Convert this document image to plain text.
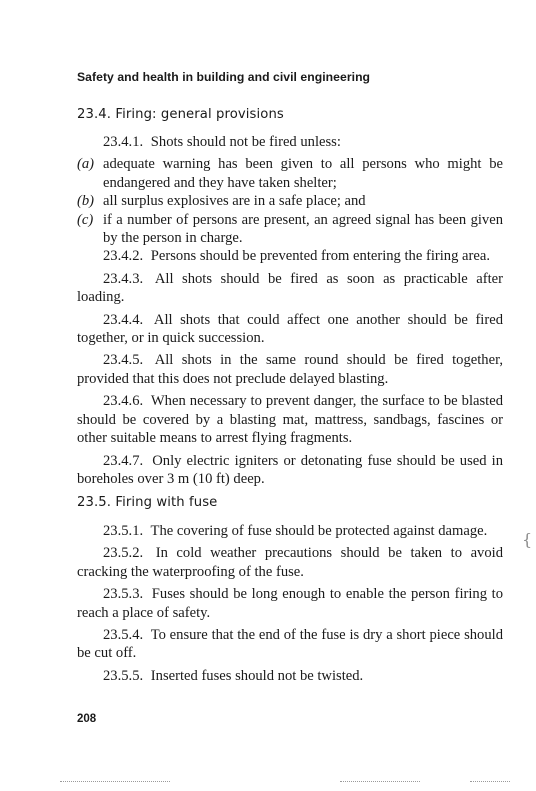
Safety and health in building and civil engineering
23.4. Firing: general provisions

23.4.1. Shots should not be fired unless:

(a) adequate warning has been given to all persons who might be endangered and they have taken shelter;
(b) all surplus explosives are in a safe place; and
(c) if a number of persons are present, an agreed signal has been given by the person in charge.

23.4.2. Persons should be prevented from entering the firing area.

23.4.3. All shots should be fired as soon as practicable after loading.

23.4.4. All shots that could affect one another should be fired together, or in quick succession.

23.4.5. All shots in the same round should be fired together, provided that this does not preclude delayed blasting.

23.4.6. When necessary to prevent danger, the surface to be blasted should be covered by a blasting mat, mattress, sandbags, fascines or other suitable means to arrest flying fragments.

23.4.7. Only electric igniters or detonating fuse should be used in boreholes over 3 m (10 ft) deep.

23.5. Firing with fuse

23.5.1. The covering of fuse should be protected against damage.

23.5.2. In cold weather precautions should be taken to avoid cracking the waterproofing of the fuse.

23.5.3. Fuses should be long enough to enable the person firing to reach a place of safety.

23.5.4. To ensure that the end of the fuse is dry a short piece should be cut off.

23.5.5. Inserted fuses should not be twisted.

208
{
